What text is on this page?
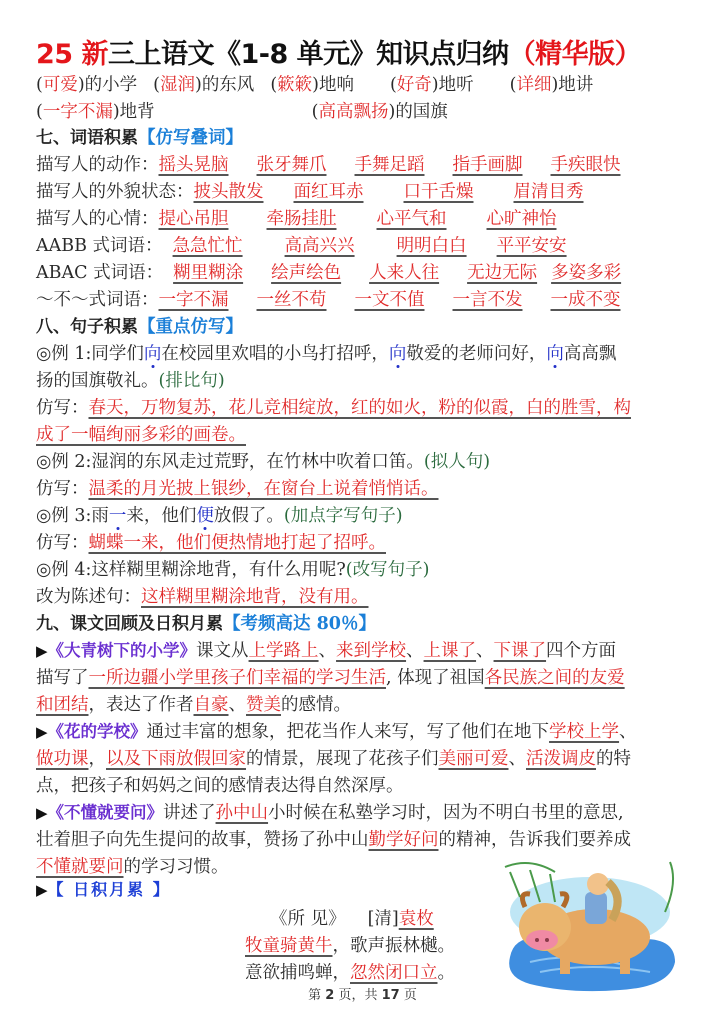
25 新三上语文《1-8 单元》知识点归纳（精华版）
(可爱)的小学 (湿润)的东风 (簌簌)地响 (好奇)地听 (详细)地讲
(一字不漏)地背	(高高飘扬)的国旗
七、词语积累【仿写叠词】
描写人的动作：摇头晃脑 张牙舞爪 手舞足蹈 指手画脚 手疾眼快
描写人的外貌状态：披头散发 面红耳赤 口干舌燥 眉清目秀
描写人的心情：提心吊胆 牵肠挂肚 心平气和 心旷神怡
AABB 式词语： 急急忙忙 高高兴兴 明明白白 平平安安
ABAC 式词语： 糊里糊涂 绘声绘色 人来人往 无边无际 多姿多彩
～不～式词语：一字不漏 一丝不苟 一文不值 一言不发 一成不变
八、句子积累【重点仿写】
◎例 1:同学们向在校园里欢唱的小鸟打招呼，向敬爱的老师问好，向高高飘
扬的国旗敬礼。(排比句)
仿写：春天，万物复苏，花儿竞相绽放，红的如火，粉的似霞，白的胜雪，构
成了一幅绚丽多彩的画卷。
◎例 2:湿润的东风走过荒野，在竹林中吹着口笛。(拟人句)
仿写：温柔的月光披上银纱，在窗台上说着悄悄话。
◎例 3:雨一来，他们便放假了。(加点字写句子)
仿写：蝴蝶一来，他们便热情地打起了招呼。
◎例 4:这样糊里糊涂地背，有什么用呢?(改写句子)
改为陈述句：这样糊里糊涂地背，没有用。
九、课文回顾及日积月累【考频高达 80％】
▶《大青树下的小学》课文从上学路上、来到学校、上课了、下课了四个方面
描写了一所边疆小学里孩子们幸福的学习生活, 体现了祖国各民族之间的友爱
和团结，表达了作者自豪、赞美的感情。
▶《花的学校》通过丰富的想象，把花当作人来写，写了他们在地下学校上学、
做功课，以及下雨放假回家的情景，展现了花孩子们美丽可爱、活泼调皮的特
点，把孩子和妈妈之间的感情表达得自然深厚。
▶《不懂就要问》讲述了孙中山小时候在私塾学习时，因为不明白书里的意思,
壮着胆子向先生提问的故事，赞扬了孙中山勤学好问的精神，告诉我们要养成
不懂就要问的学习习惯。
▶【 日积月累 】
《所 见》 [清]袁枚
牧童骑黄牛，歌声振林樾。
意欲捕鸣蝉，忽然闭口立。
第 2 页，共 17 页
